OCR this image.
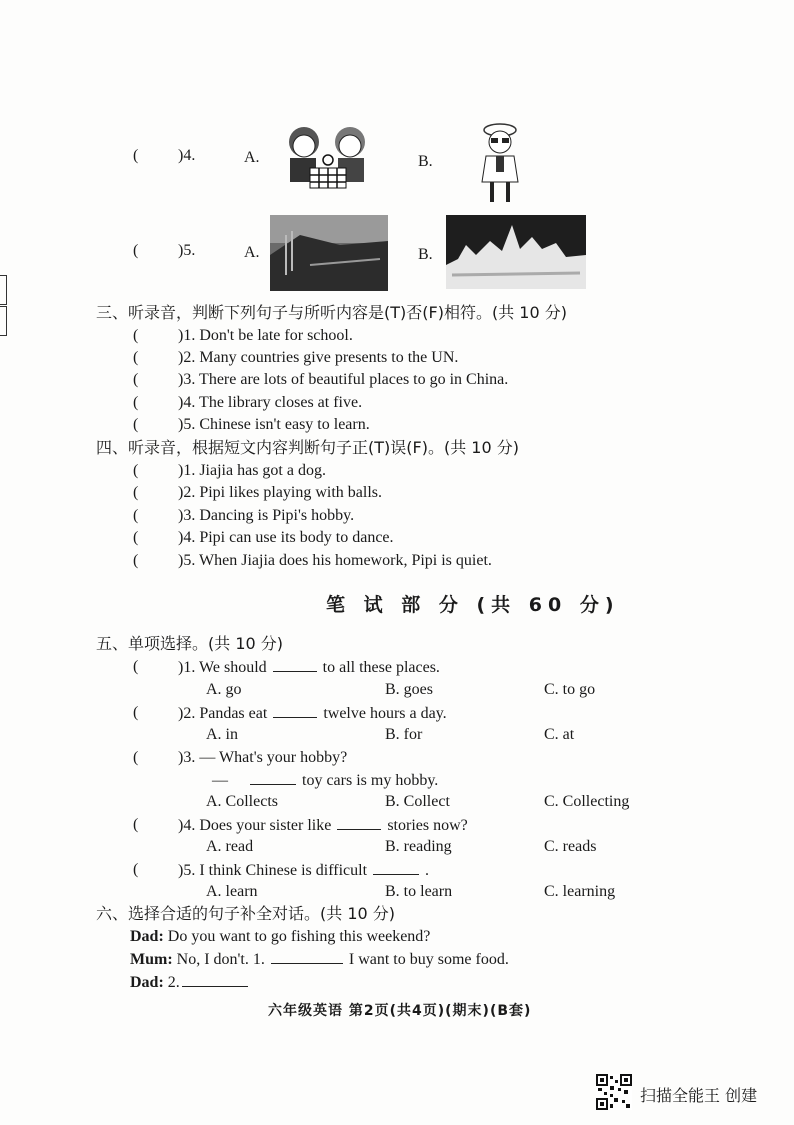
( )4.	A.	B.
( )5.	A.	B.
三、听录音，判断下列句子与所听内容是(T)否(F)相符。(共 10 分)
( )1. Don't be late for school.
( )2. Many countries give presents to the UN.
( )3. There are lots of beautiful places to go in China.
( )4. The library closes at five.
( )5. Chinese isn't easy to learn.
四、听录音，根据短文内容判断句子正(T)误(F)。(共 10 分)
( )1. Jiajia has got a dog.
( )2. Pipi likes playing with balls.
( )3. Dancing is Pipi's hobby.
( )4. Pipi can use its body to dance.
( )5. When Jiajia does his homework, Pipi is quiet.
笔 试 部 分 (共 60 分)
五、单项选择。(共 10 分)
( )1. We should	to all these places.
A. go	B. goes	C. to go
( )2. Pandas eat	twelve hours a day.
A. in	B. for	C. at
( )3. — What's your hobby?
—	toy cars is my hobby.
A. Collects	B. Collect	C. Collecting
( )4. Does your sister like	stories now?
A. read	B. reading	C. reads
( )5. I think Chinese is difficult	.
A. learn	B. to learn	C. learning
六、选择合适的句子补全对话。(共 10 分)
Dad: Do you want to go fishing this weekend?
Mum: No, I don't. 1.	I want to buy some food.
Dad: 2.
六年级英语 第2页(共4页)(期末)(B套)
扫描全能王 创建
